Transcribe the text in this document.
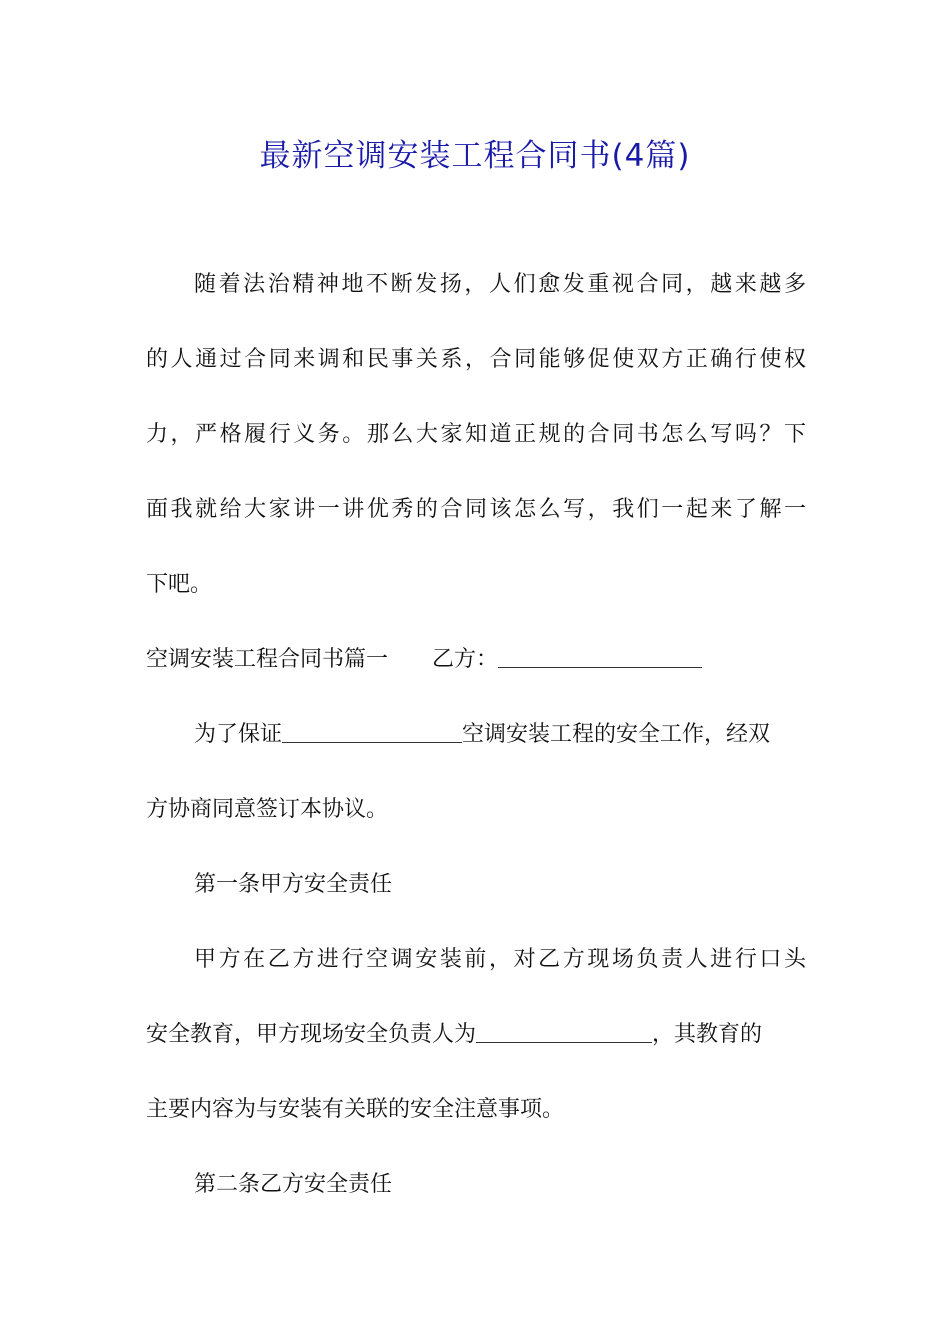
最新空调安装工程合同书(4篇)
随着法治精神地不断发扬，人们愈发重视合同，越来越多
的人通过合同来调和民事关系，合同能够促使双方正确行使权
力，严格履行义务。那么大家知道正规的合同书怎么写吗？下
面我就给大家讲一讲优秀的合同该怎么写，我们一起来了解一
下吧。
空调安装工程合同书篇一 乙方：
为了保证	空调安装工程的安全工作，经双
方协商同意签订本协议。
第一条甲方安全责任
甲方在乙方进行空调安装前，对乙方现场负责人进行口头
安全教育，甲方现场安全负责人为	，其教育的
主要内容为与安装有关联的安全注意事项。
第二条乙方安全责任
